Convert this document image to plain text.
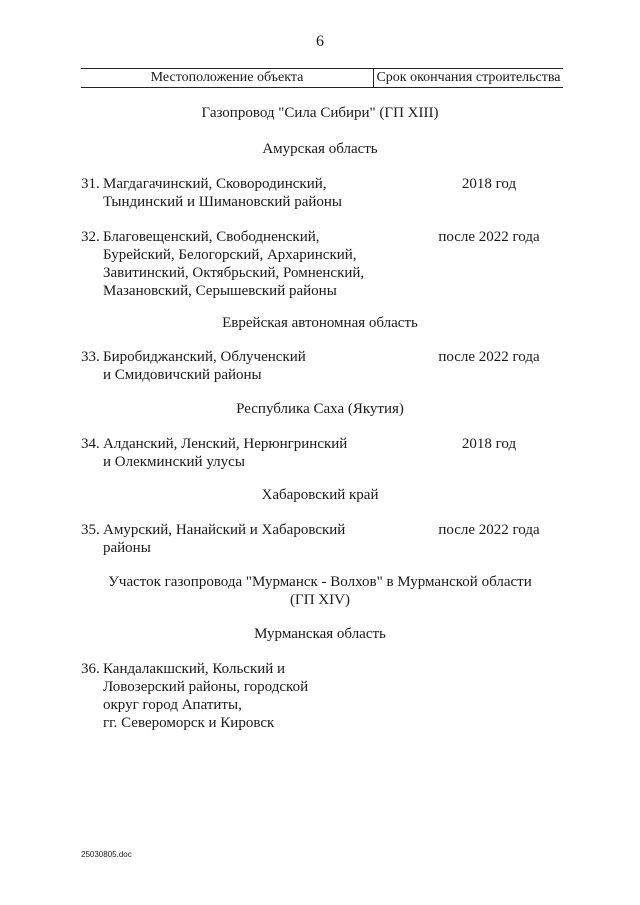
6
Местоположение объекта	Срок окончания строительства
Газопровод "Сила Сибири" (ГП XIII)
Амурская область
31. Магдагачинский, Сковородинский,
Тындинский и Шимановский районы
2018 год
32. Благовещенский, Свободненский,
Бурейский, Белогорский, Архаринский,
Завитинский, Октябрьский, Ромненский,
Мазановский, Серышевский районы
после 2022 года
Еврейская автономная область
33. Биробиджанский, Облученский
и Смидовичский районы
после 2022 года
Республика Саха (Якутия)
34. Алданский, Ленский, Нерюнгринский
и Олекминский улусы
2018 год
Хабаровский край
35. Амурский, Нанайский и Хабаровский
районы
после 2022 года
Участок газопровода "Мурманск - Волхов" в Мурманской области
(ГП XIV)
Мурманская область
36. Кандалакшский, Кольский и
Ловозерский районы, городской
округ город Апатиты,
гг. Североморск и Кировск
25030805.doc
